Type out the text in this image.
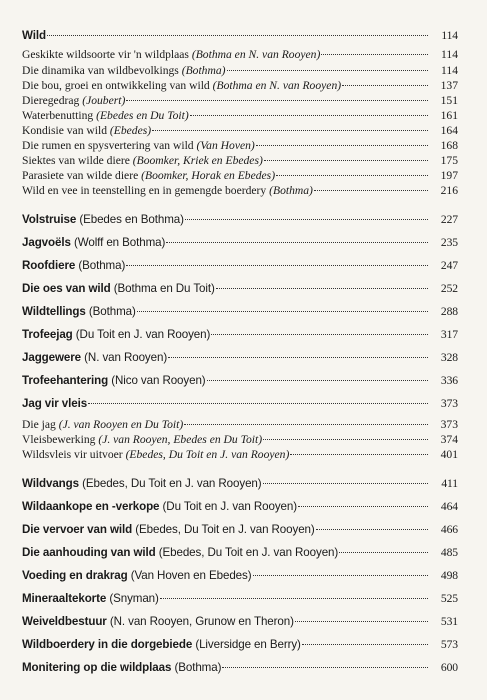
Wild	114
Geskikte wildsoorte vir 'n wildplaas (Bothma en N. van Rooyen)	114
Die dinamika van wildbevolkings (Bothma)	114
Die bou, groei en ontwikkeling van wild (Bothma en N. van Rooyen)	137
Dieregedrag (Joubert)	151
Waterbenutting (Ebedes en Du Toit)	161
Kondisie van wild (Ebedes)	164
Die rumen en spysvertering van wild (Van Hoven)	168
Siektes van wilde diere (Boomker, Kriek en Ebedes)	175
Parasiete van wilde diere (Boomker, Horak en Ebedes)	197
Wild en vee in teenstelling en in gemengde boerdery (Bothma)	216
Volstruise (Ebedes en Bothma)	227
Jagvoëls (Wolff en Bothma)	235
Roofdiere (Bothma)	247
Die oes van wild (Bothma en Du Toit)	252
Wildtellings (Bothma)	288
Trofeejag (Du Toit en J. van Rooyen)	317
Jaggewere (N. van Rooyen)	328
Trofeehantering (Nico van Rooyen)	336
Jag vir vleis	373
Die jag (J. van Rooyen en Du Toit)	373
Vleisbewerking (J. van Rooyen, Ebedes en Du Toit)	374
Wildsvleis vir uitvoer (Ebedes, Du Toit en J. van Rooyen)	401
Wildvangs (Ebedes, Du Toit en J. van Rooyen)	411
Wildaankope en -verkope (Du Toit en J. van Rooyen)	464
Die vervoer van wild (Ebedes, Du Toit en J. van Rooyen)	466
Die aanhouding van wild (Ebedes, Du Toit en J. van Rooyen)	485
Voeding en drakrag (Van Hoven en Ebedes)	498
Mineraaltekorte (Snyman)	525
Weiveldbestuur (N. van Rooyen, Grunow en Theron)	531
Wildboerdery in die dorgebiede (Liversidge en Berry)	573
Monitering op die wildplaas (Bothma)	600
